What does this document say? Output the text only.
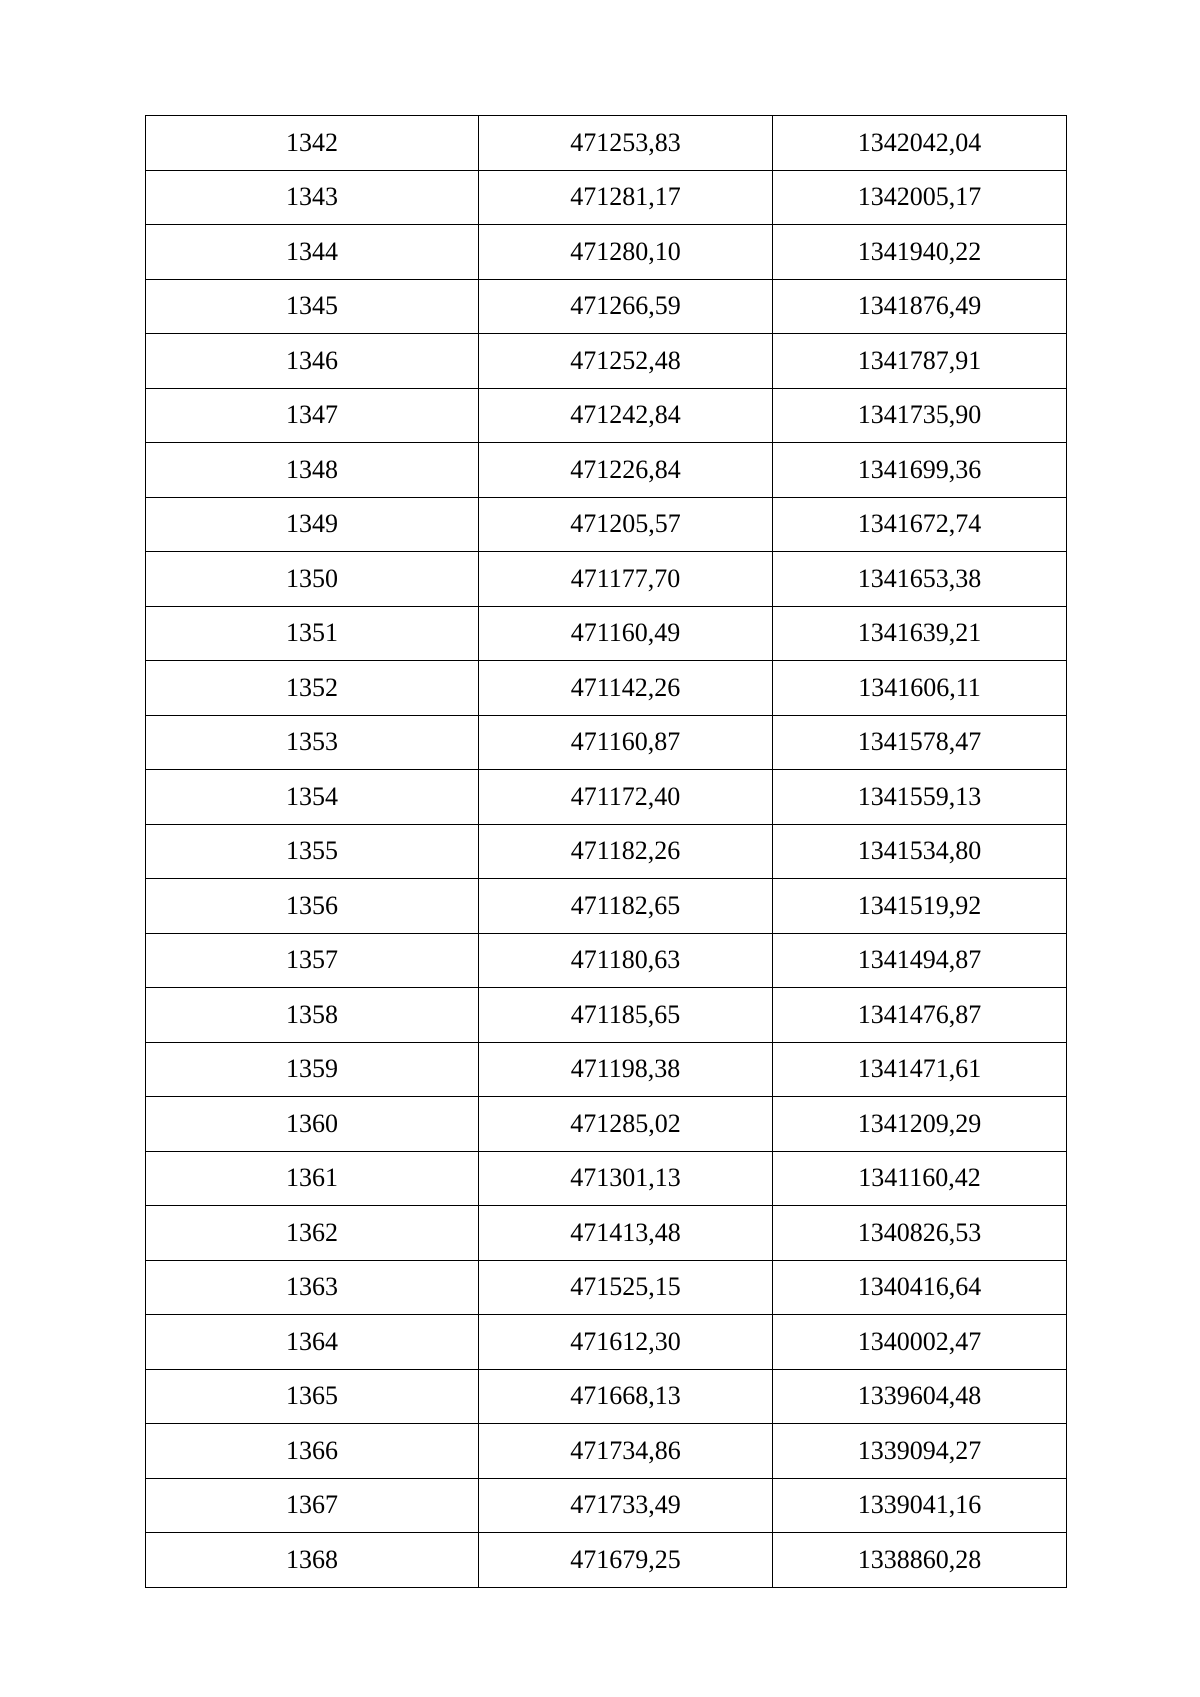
1342	471253,83	1342042,04
1343	471281,17	1342005,17
1344	471280,10	1341940,22
1345	471266,59	1341876,49
1346	471252,48	1341787,91
1347	471242,84	1341735,90
1348	471226,84	1341699,36
1349	471205,57	1341672,74
1350	471177,70	1341653,38
1351	471160,49	1341639,21
1352	471142,26	1341606,11
1353	471160,87	1341578,47
1354	471172,40	1341559,13
1355	471182,26	1341534,80
1356	471182,65	1341519,92
1357	471180,63	1341494,87
1358	471185,65	1341476,87
1359	471198,38	1341471,61
1360	471285,02	1341209,29
1361	471301,13	1341160,42
1362	471413,48	1340826,53
1363	471525,15	1340416,64
1364	471612,30	1340002,47
1365	471668,13	1339604,48
1366	471734,86	1339094,27
1367	471733,49	1339041,16
1368	471679,25	1338860,28
